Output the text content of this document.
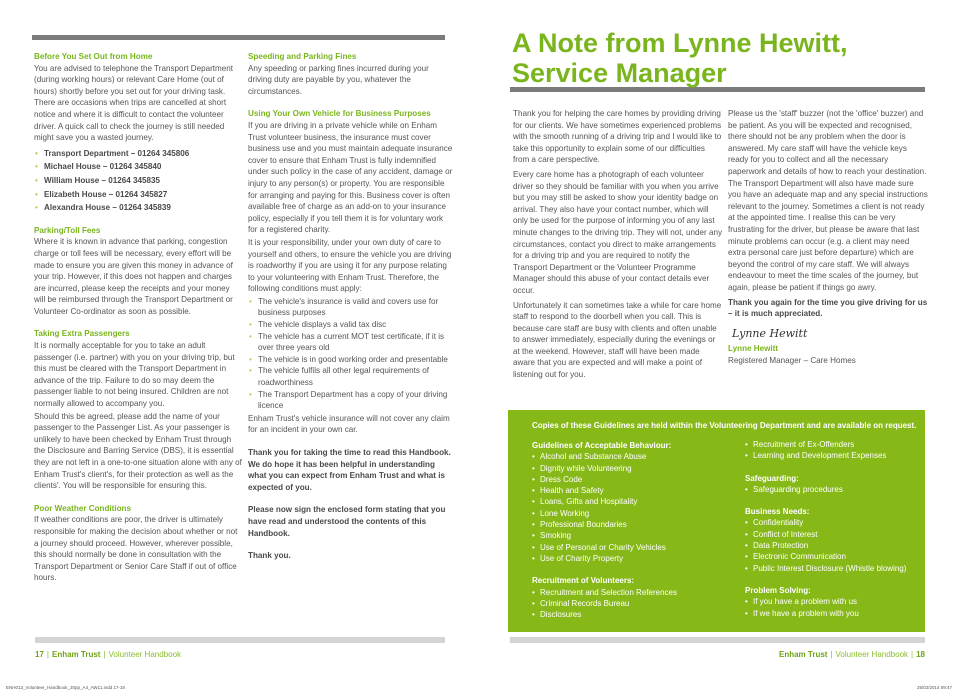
Before You Set Out from Home

You are advised to telephone the Transport Department (during working hours) or relevant Care Home (out of hours) shortly before you set out for your driving task. There are occasions when trips are cancelled at short notice and where it is difficult to contact the volunteer driver. A quick call to check the journey is still needed might save you a wasted journey.

• Transport Department – 01264 345806
• Michael House – 01264 345840
• William House – 01264 345835
• Elizabeth House – 01264 345827
• Alexandra House – 01264 345839
Parking/Toll Fees

Where it is known in advance that parking, congestion charge or toll fees will be necessary, every effort will be made to ensure you are given this money in advance of your trip. However, if this does not happen and charges are incurred, please keep the receipts and your money will be reimbursed through the Transport Department or Volunteer Co-ordinator as soon as possible.

Taking Extra Passengers

It is normally acceptable for you to take an adult passenger (i.e. partner) with you on your driving trip, but this must be cleared with the Transport Department in advance of the trip. Failure to do so may deem the passenger liable to not being insured. Children are not normally allowed to accompany you.

Should this be agreed, please add the name of your passenger to the Passenger List. As your passenger is unlikely to have been checked by Enham Trust through the Disclosure and Barring Service (DBS), it is essential they are not left in a one-to-one situation alone with any of Enham Trust's client's, for their protection as well as the clients'. You will be responsible for ensuring this.

Poor Weather Conditions

If weather conditions are poor, the driver is ultimately responsible for making the decision about whether or not a journey should proceed. However, wherever possible, this should normally be done in consultation with the Transport Department or Senior Care Staff if out of office hours.

Speeding and Parking Fines

Any speeding or parking fines incurred during your driving duty are payable by you, whatever the circumstances.

Using Your Own Vehicle for Business Purposes

If you are driving in a private vehicle while on Enham Trust volunteer business, the insurance must cover business use and you must maintain adequate insurance cover to ensure that Enham Trust is fully indemnified under such policy in the case of any accident, damage or injury to any person(s) or property. You are responsible for arranging and paying for this. Business cover is often available free of charge as an add-on to your insurance policy, especially if you tell them it is for voluntary work for a registered charity.

It is your responsibility, under your own duty of care to yourself and others, to ensure the vehicle you are driving is roadworthy if you are using it for any purpose relating to your volunteering with Enham Trust. Therefore, the following conditions must apply:

• The vehicle's insurance is valid and covers use for business purposes
• The vehicle displays a valid tax disc
• The vehicle has a current MOT test certificate, if it is over three years old
• The vehicle is in good working order and presentable
• The vehicle fulfils all other legal requirements of roadworthiness
• The Transport Department has a copy of your driving licence

Enham Trust's vehicle insurance will not cover any claim for an incident in your own car.

Thank you for taking the time to read this Handbook. We do hope it has been helpful in understanding what you can expect from Enham Trust and what is expected of you.

Please now sign the enclosed form stating that you have read and understood the contents of this Handbook.

Thank you.

A Note from Lynne Hewitt,
Service Manager

Thank you for helping the care homes by providing driving for our clients. We have sometimes experienced problems with the smooth running of a driving trip and I would like to take this opportunity to explain some of our difficulties from a care perspective.

Every care home has a photograph of each volunteer driver so they should be familiar with you when you arrive but you may still be asked to show your identity badge on arrival. They also have your contact number, which will only be used for the purpose of informing you of any last minute changes to the driving trip. They will not, under any circumstances, contact you direct to make arrangements for a driving trip and you are required to notify the Transport Department or the Volunteer Programme Manager should this abuse of your contact details ever occur.

Unfortunately it can sometimes take a while for care home staff to respond to the doorbell when you call. This is because care staff are busy with clients and often unable to answer immediately, especially during the evenings or at the weekend. However, staff will have been made aware that you are expected and will make a point of listening out for you.

Please us the 'staff' buzzer (not the 'office' buzzer) and be patient. As you will be expected and recognised, there should not be any problem when the door is answered. My care staff will have the vehicle keys ready for you to collect and all the necessary paperwork and details of how to reach your destination. The Transport Department will also have made sure you have an adequate map and any special instructions relevant to the journey. Sometimes a client is not ready at the appointed time. I realise this can be very frustrating for the driver, but please be aware that last minute problems can occur (e.g. a client may need extra personal care just before departure) which are beyond the control of my care staff. We will always endeavour to meet the time scales of the journey, but again, please be patient if things go awry.

Thank you again for the time you give driving for us – it is much appreciated.

Lynne Hewitt
Lynne Hewitt

Registered Manager – Care Homes

Copies of these Guidelines are held within the Volunteering Department and are available on request.
Guidelines of Acceptable Behaviour:
• Alcohol and Substance Abuse
• Dignity while Volunteering
• Dress Code
• Health and Safety
• Loans, Gifts and Hospitality
• Lone Working
• Professional Boundaries
• Smoking
• Use of Personal or Charity Vehicles
• Use of Charity Property
Recruitment of Volunteers:
• Recruitment and Selection References
• Criminal Records Bureau
• Disclosures
• Recruitment of Ex-Offenders
• Learning and Development Expenses
Safeguarding:
• Safeguarding procedures
Business Needs:
• Confidentiality
• Conflict of Interest
• Data Protection
• Electronic Communication
• Public Interest Disclosure (Whistle blowing)
Problem Solving:
• If you have a problem with us
• If we have a problem with you
17 | Enham Trust | Volunteer Handbook	Enham Trust | Volunteer Handbook | 18
ENH013_Volunteer_Handbook_20pp_A4_AW11.indd 17-18	25/02/2014 09:47
